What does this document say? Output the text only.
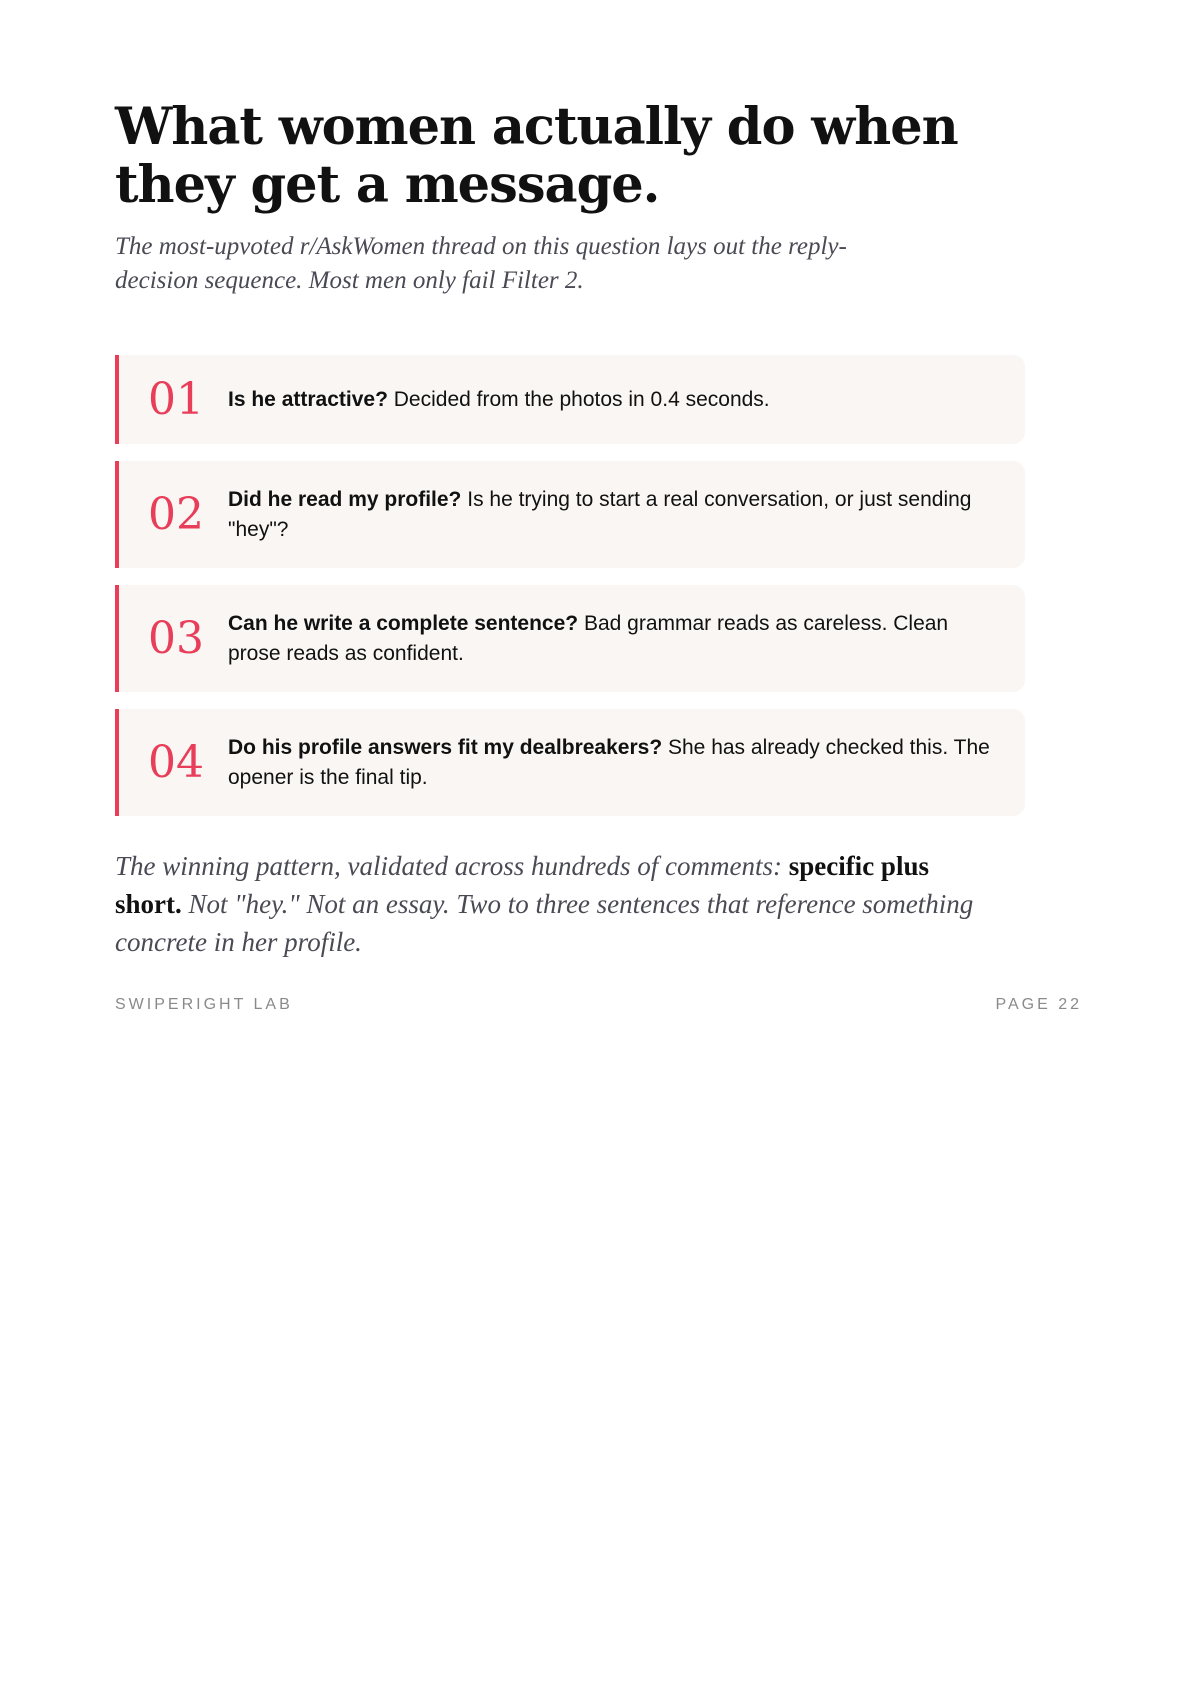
What women actually do when they get a message.

The most-upvoted r/AskWomen thread on this question lays out the reply-decision sequence. Most men only fail Filter 2.

01 Is he attractive? Decided from the photos in 0.4 seconds.
02 Did he read my profile? Is he trying to start a real conversation, or just sending "hey"?
03 Can he write a complete sentence? Bad grammar reads as careless. Clean prose reads as confident.
04 Do his profile answers fit my dealbreakers? She has already checked this. The opener is the final tip.

The winning pattern, validated across hundreds of comments: specific plus short. Not "hey." Not an essay. Two to three sentences that reference something concrete in her profile.

SWIPERIGHT LAB	PAGE 22
